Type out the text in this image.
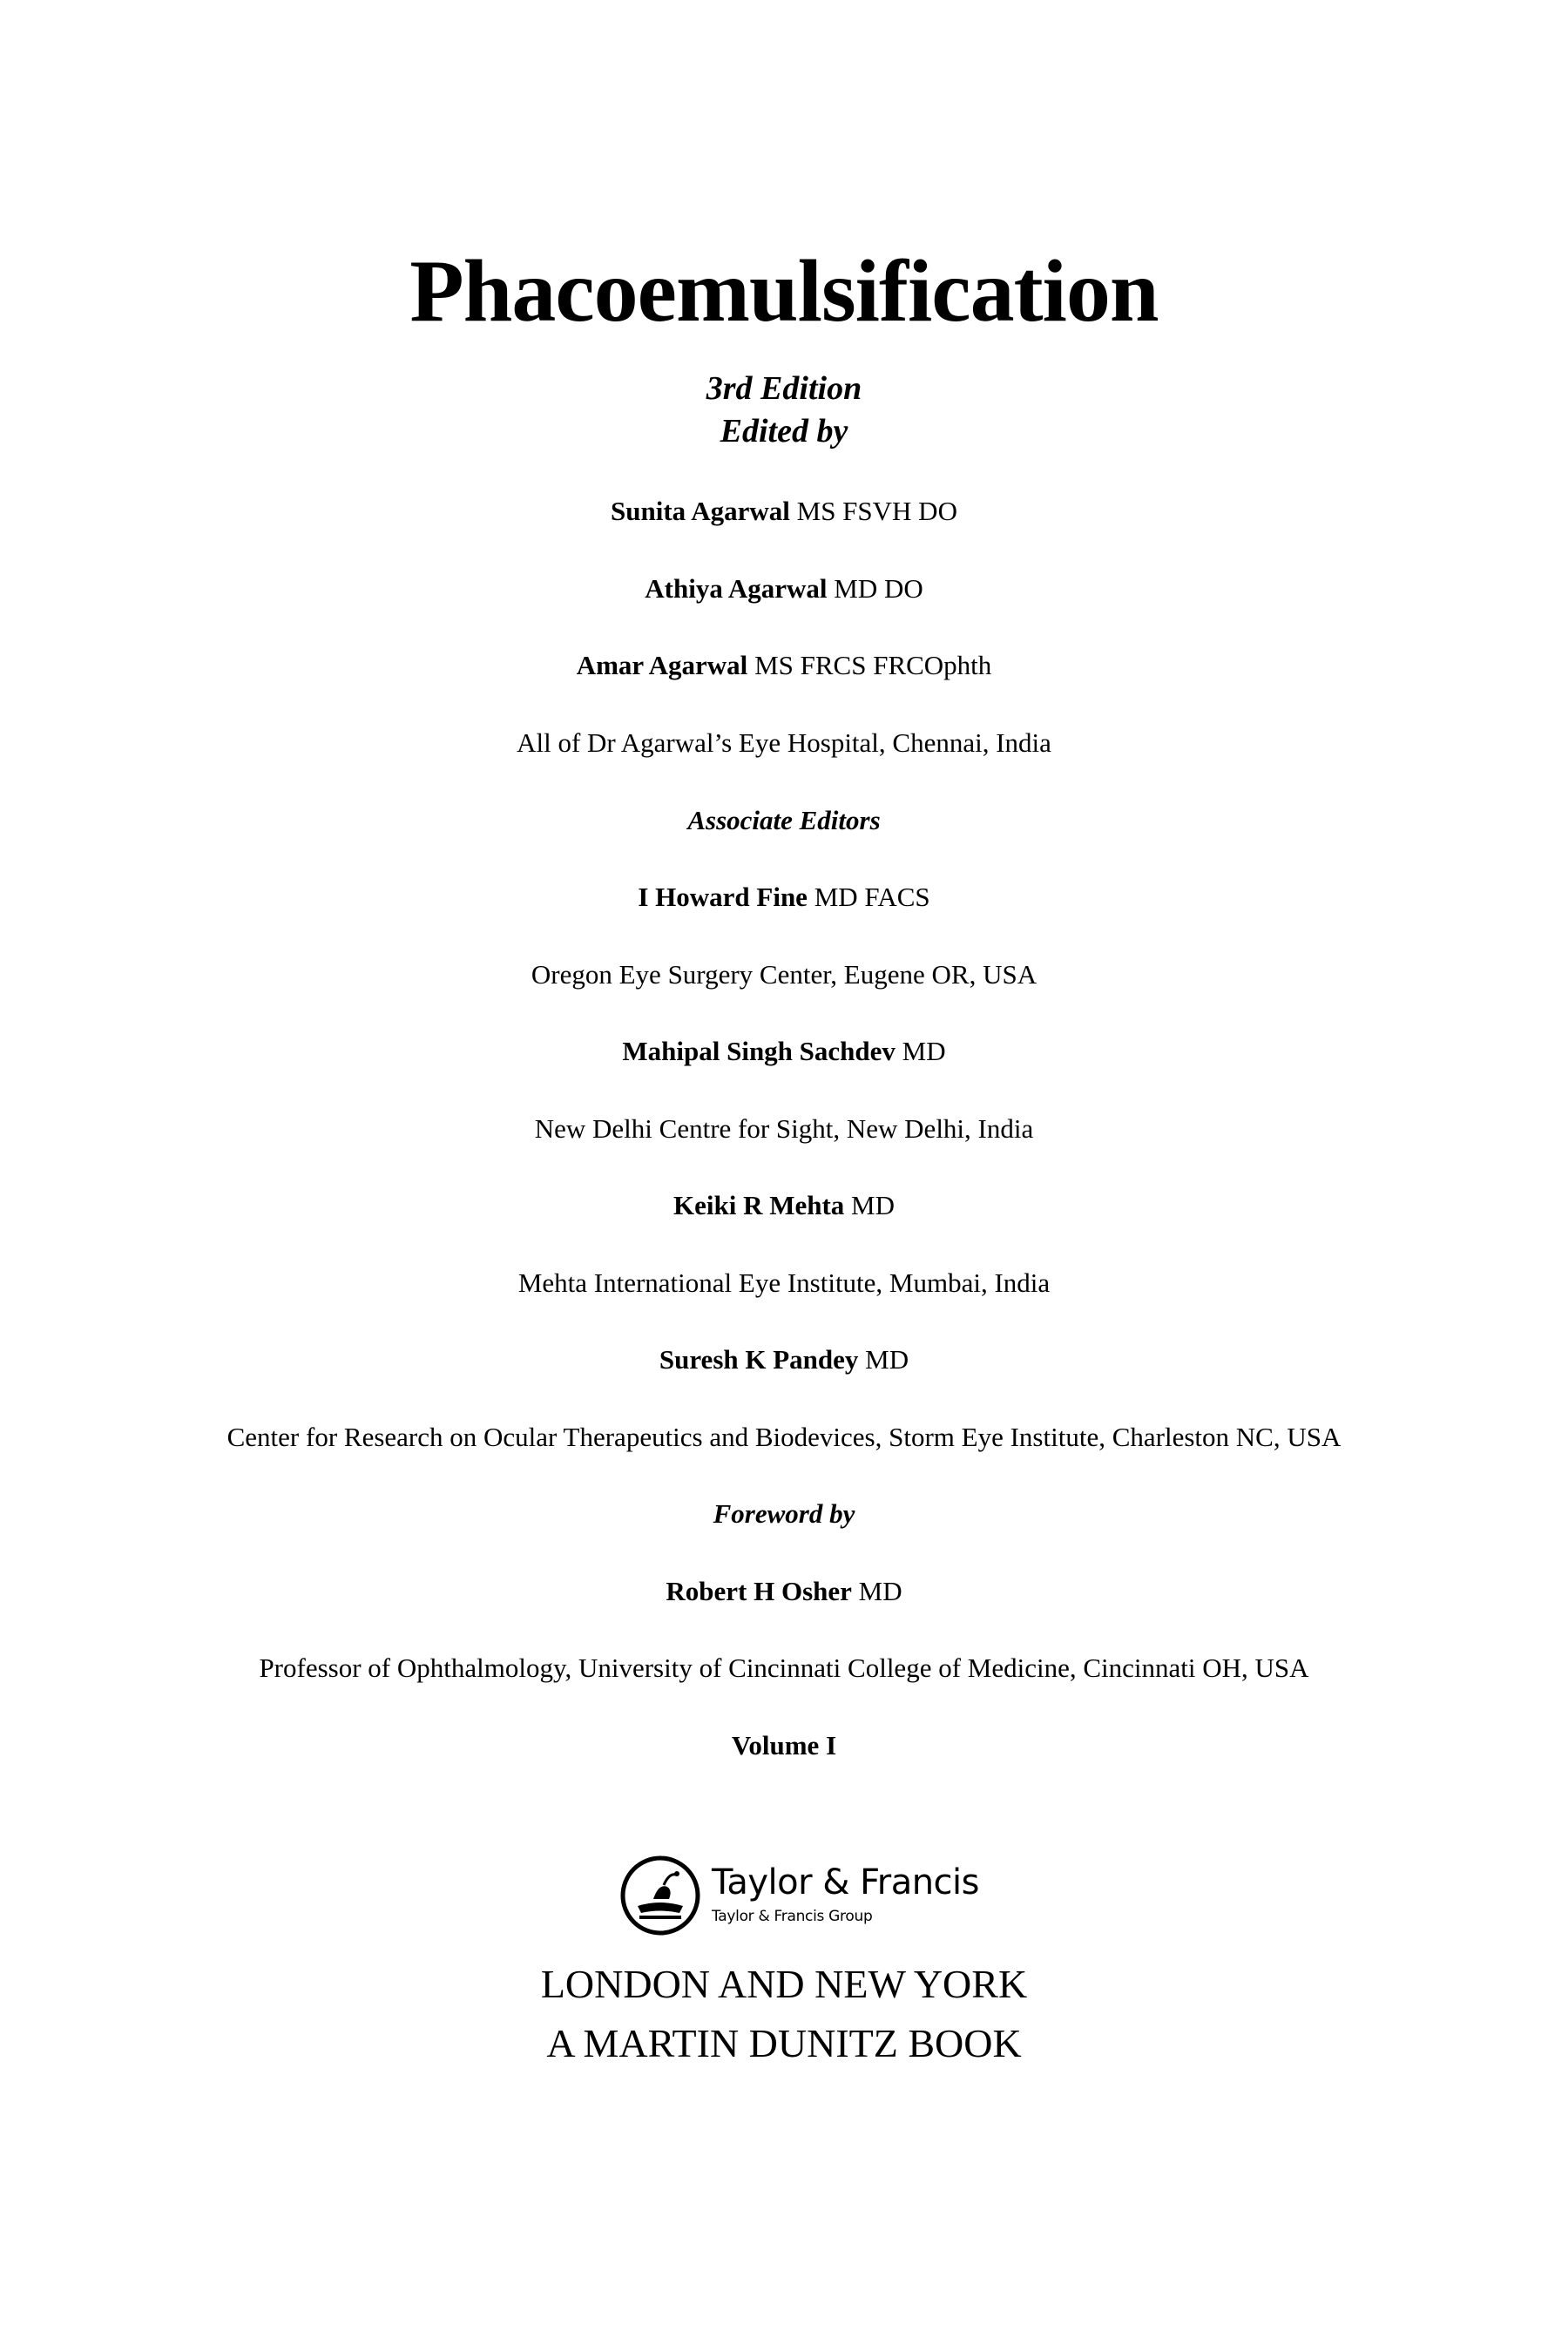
Phacoemulsification
3rd Edition
Edited by
Sunita Agarwal MS FSVH DO
Athiya Agarwal MD DO
Amar Agarwal MS FRCS FRCOphth
All of Dr Agarwal’s Eye Hospital, Chennai, India
Associate Editors
I Howard Fine MD FACS
Oregon Eye Surgery Center, Eugene OR, USA
Mahipal Singh Sachdev MD
New Delhi Centre for Sight, New Delhi, India
Keiki R Mehta MD
Mehta International Eye Institute, Mumbai, India
Suresh K Pandey MD
Center for Research on Ocular Therapeutics and Biodevices, Storm Eye Institute, Charleston NC, USA
Foreword by
Robert H Osher MD
Professor of Ophthalmology, University of Cincinnati College of Medicine, Cincinnati OH, USA
Volume I
Taylor & Francis
Taylor & Francis Group
LONDON AND NEW YORK
A MARTIN DUNITZ BOOK
